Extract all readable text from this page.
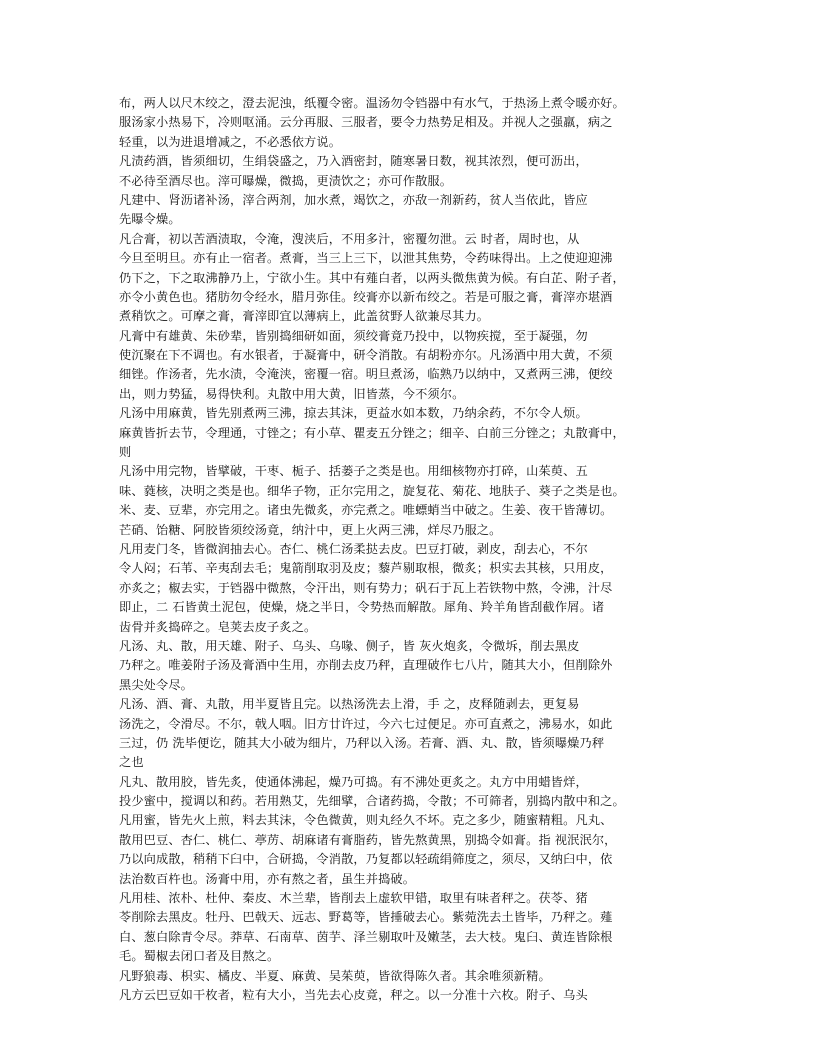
布，两人以尺木绞之，澄去泥浊，纸覆令密。温汤勿令铛器中有水气，于热汤上煮令暖亦好。
服汤家小热易下，冷则呕涌。云分再服、三服者，要令力热势足相及。并视人之强羸，病之
轻重，以为进退增减之，不必悉依方说。
凡渍药酒，皆须细切，生绢袋盛之，乃入酒密封，随寒暑日数，视其浓烈，便可沥出，
不必待至酒尽也。滓可曝燥，微捣，更渍饮之；亦可作散服。
凡建中、肾沥诸补汤，滓合两剂，加水煮，竭饮之，亦敌一剂新药，贫人当依此，皆应
先曝令燥。
凡合膏，初以苦酒渍取，令淹，溲浃后，不用多汁，密覆勿泄。云 时者，周时也，从
今旦至明旦。亦有止一宿者。煮膏，当三上三下，以泄其焦势，令药味得出。上之使迎迎沸
仍下之，下之取沸静乃上，宁欲小生。其中有薤白者，以两头微焦黄为候。有白芷、附子者，
亦令小黄色也。猪肪勿令经水，腊月弥佳。绞膏亦以新布绞之。若是可服之膏，膏滓亦堪酒
煮稍饮之。可摩之膏，膏滓即宜以薄病上，此盖贫野人欲兼尽其力。
凡膏中有雄黄、朱砂辈，皆别捣细研如面，须绞膏竟乃投中，以物疾搅，至于凝强，勿
使沉聚在下不调也。有水银者，于凝膏中，研令消散。有胡粉亦尔。凡汤酒中用大黄，不须
细锉。作汤者，先水渍，令淹浃，密覆一宿。明旦煮汤，临熟乃以纳中，又煮两三沸，便绞
出，则力势猛，易得快利。丸散中用大黄，旧皆蒸，今不须尔。
凡汤中用麻黄，皆先别煮两三沸，掠去其沫，更益水如本数，乃纳余药，不尔令人烦。
麻黄皆折去节，令理通，寸锉之；有小草、瞿麦五分锉之；细辛、白前三分锉之；丸散膏中，
则
凡汤中用完物，皆擘破，干枣、栀子、括蒌子之类是也。用细核物亦打碎，山茱萸、五
味、蕤核，决明之类是也。细华子物，正尔完用之，旋复花、菊花、地肤子、葵子之类是也。
米、麦、豆辈，亦完用之。诸虫先微炙，亦完煮之。唯螵蛸当中破之。生姜、夜干皆薄切。
芒硝、饴糖、阿胶皆须绞汤竟，纳汁中，更上火两三沸，烊尽乃服之。
凡用麦门冬，皆微润抽去心。杏仁、桃仁汤柔挞去皮。巴豆打破，剥皮，刮去心，不尔
令人闷；石苇、辛夷刮去毛；鬼箭削取羽及皮；藜芦剔取根，微炙；枳实去其核，只用皮，
亦炙之；椒去实，于铛器中微熬，令汗出，则有势力；矾石于瓦上若铁物中熬，令沸，汁尽
即止，二 石皆黄土泥包，使燥，烧之半日，令势热而解散。犀角、羚羊角皆刮截作屑。诸
齿骨并炙捣碎之。皂荚去皮子炙之。
凡汤、丸、散，用天雄、附子、乌头、乌喙、侧子，皆 灰火炮炙，令微坼，削去黑皮
乃秤之。唯姜附子汤及膏酒中生用，亦削去皮乃秤，直理破作七八片，随其大小，但削除外
黑尖处令尽。
凡汤、酒、膏、丸散，用半夏皆且完。以热汤洗去上滑，手 之，皮释随剥去，更复易
汤洗之，令滑尽。不尔，戟人咽。旧方廿许过，今六七过便足。亦可直煮之，沸易水，如此
三过，仍 洗毕便讫，随其大小破为细片，乃秤以入汤。若膏、酒、丸、散，皆须曝燥乃秤
之也
凡丸、散用胶，皆先炙，使通体沸起，燥乃可捣。有不沸处更炙之。丸方中用蜡皆烊，
投少蜜中，搅调以和药。若用熟艾，先细擘，合诸药捣，令散；不可筛者，别捣内散中和之。
凡用蜜，皆先火上煎，料去其沫，令色微黄，则丸经久不坏。克之多少，随蜜精粗。凡丸、
散用巴豆、杏仁、桃仁、葶苈、胡麻诸有膏脂药，皆先熬黄黑，别捣令如膏。指 视泯泯尔，
乃以向成散，稍稍下臼中，合研捣，令消散，乃复都以轻疏绢筛度之，须尽，又纳臼中，依
法治数百杵也。汤膏中用，亦有熬之者，虽生并捣破。
凡用桂、浓朴、杜仲、秦皮、木兰辈，皆削去上虚软甲错，取里有味者秤之。茯苓、猪
苓削除去黑皮。牡丹、巴戟天、远志、野葛等，皆捶破去心。紫菀洗去土皆毕，乃秤之。薤
白、葱白除青令尽。莽草、石南草、茵芋、泽兰剔取叶及嫩茎，去大枝。鬼臼、黄连皆除根
毛。蜀椒去闭口者及目熬之。
凡野狼毒、枳实、橘皮、半夏、麻黄、吴茱萸，皆欲得陈久者。其余唯须新精。
凡方云巴豆如干枚者，粒有大小，当先去心皮竟，秤之。以一分准十六枚。附子、乌头
